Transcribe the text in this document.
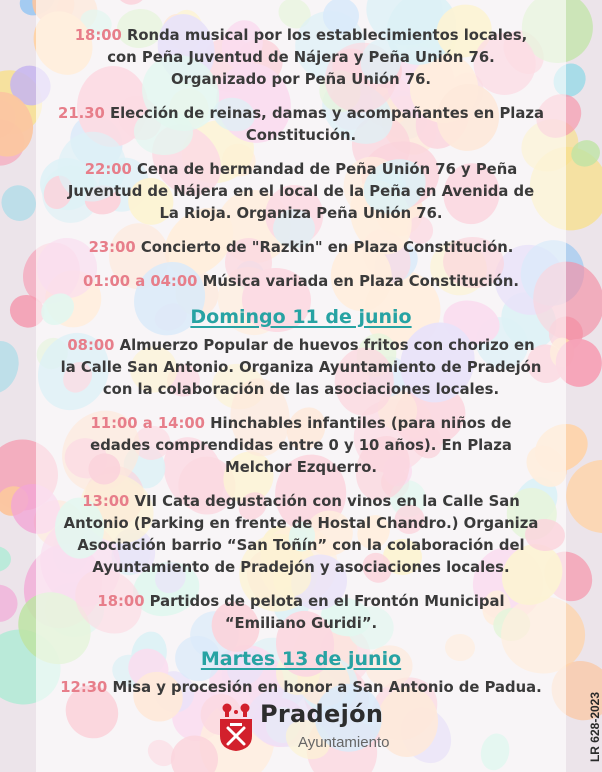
18:00 Ronda musical por los establecimientos locales, con Peña Juventud de Nájera y Peña Unión 76. Organizado por Peña Unión 76.

21.30 Elección de reinas, damas y acompañantes en Plaza Constitución.

22:00 Cena de hermandad de Peña Unión 76 y Peña Juventud de Nájera en el local de la Peña en Avenida de La Rioja. Organiza Peña Unión 76.

23:00 Concierto de "Razkin" en Plaza Constitución.

01:00 a 04:00 Música variada en Plaza Constitución.

Domingo 11 de junio

08:00 Almuerzo Popular de huevos fritos con chorizo en la Calle San Antonio. Organiza Ayuntamiento de Pradejón con la colaboración de las asociaciones locales.

11:00 a 14:00 Hinchables infantiles (para niños de edades comprendidas entre 0 y 10 años). En Plaza Melchor Ezquerro.

13:00 VII Cata degustación con vinos en la Calle San Antonio (Parking en frente de Hostal Chandro.) Organiza Asociación barrio “San Toñín” con la colaboración del Ayuntamiento de Pradejón y asociaciones locales.

18:00 Partidos de pelota en el Frontón Municipal “Emiliano Guridi”.

Martes 13 de junio

12:30 Misa y procesión en honor a San Antonio de Padua.

Pradejón
Ayuntamiento	LR 628-2023
